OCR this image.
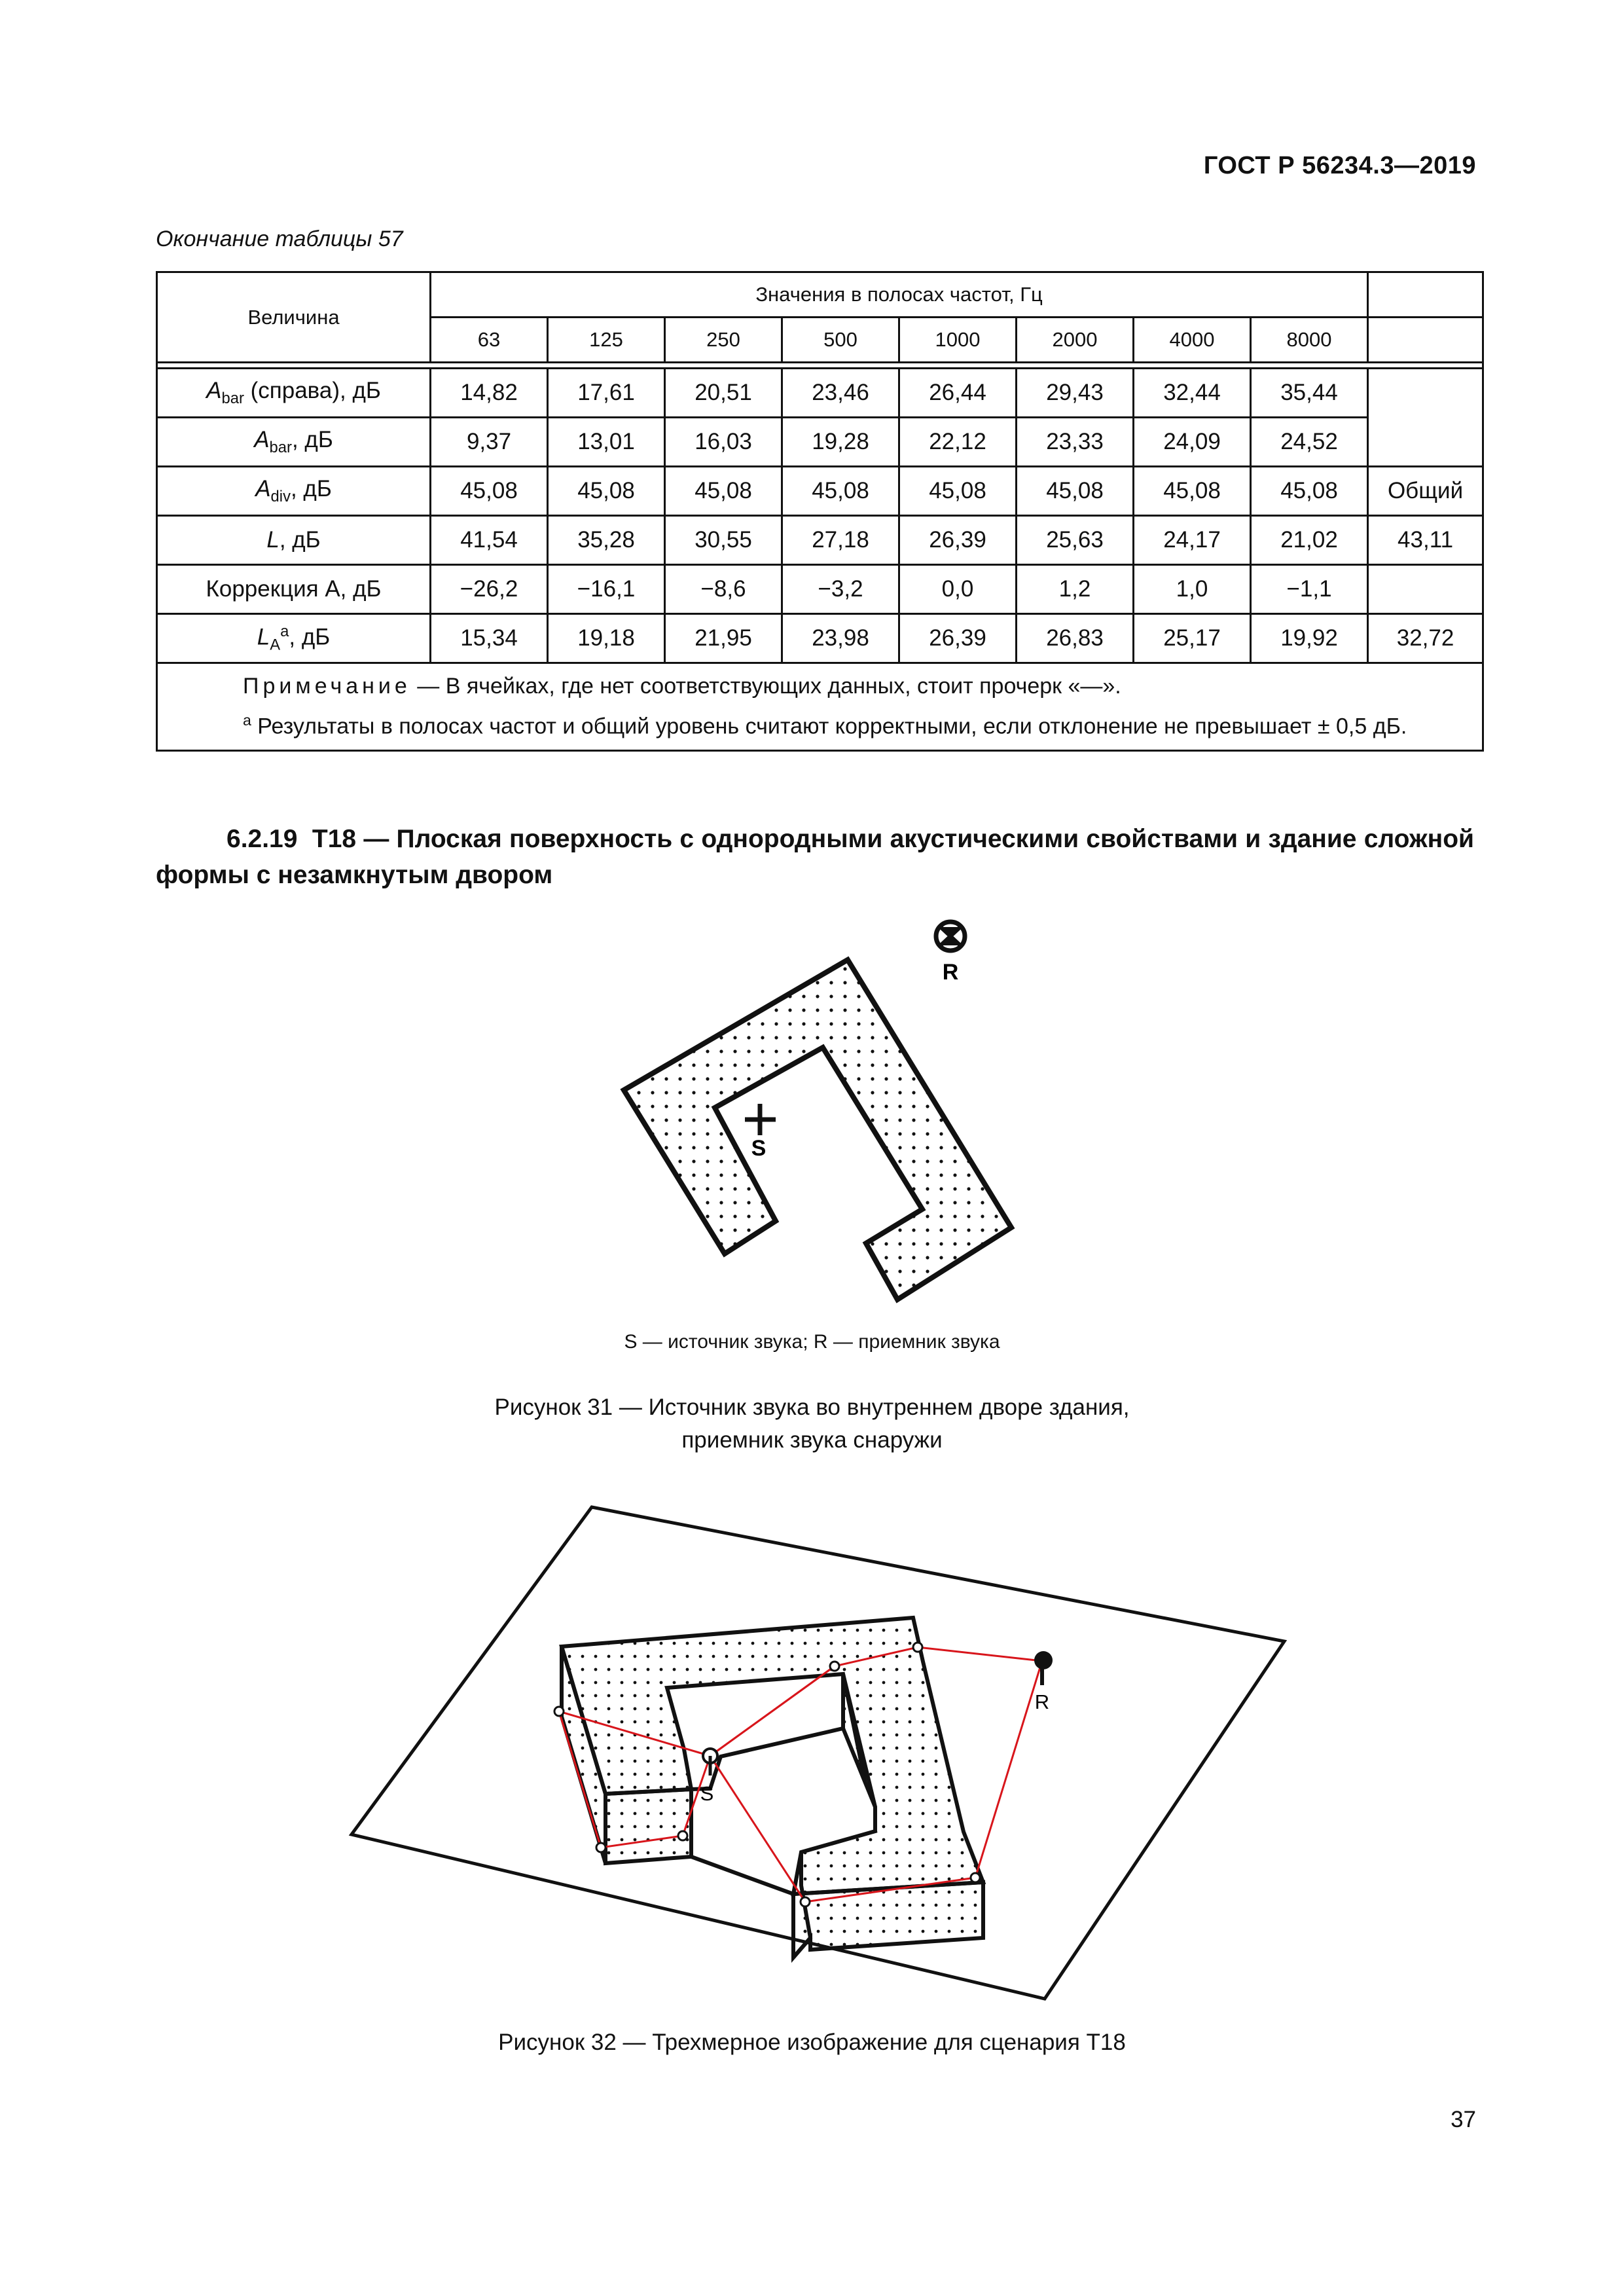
ГОСТ Р 56234.3—2019
Окончание таблицы 57
Величина	Значения в полосах частот, Гц								
	63	125	250	500	1000	2000	4000	8000	

$A_{bar}$ (справа), дБ	14,82	17,61	20,51	23,46	26,44	29,43	32,44	35,44	
$A_{bar}$, дБ	9,37	13,01	16,03	19,28	22,12	23,33	24,09	24,52	
$A_{div}$, дБ	45,08	45,08	45,08	45,08	45,08	45,08	45,08	45,08	Общий
L, дБ	41,54	35,28	30,55	27,18	26,39	25,63	24,17	21,02	43,11
Коррекция А, дБ	−26,2	−16,1	−8,6	−3,2	0,0	1,2	1,0	−1,1	
$L_A^a$, дБ	15,34	19,18	21,95	23,98	26,39	26,83	25,17	19,92	32,72

Примечание — В ячейках, где нет соответствующих данных, стоит прочерк «—».
$^a$ Результаты в полосах частот и общий уровень считают корректными, если отклонение не превышает ± 0,5 дБ.									
6.2.19 Т18 — Плоская поверхность с однородными акустическими свойствами и здание сложной формы с незамкнутым двором
S
R
S — источник звука; R — приемник звука
Рисунок 31 — Источник звука во внутреннем дворе здания,
приемник звука снаружи
S
R
Рисунок 32 — Трехмерное изображение для сценария Т18
37
